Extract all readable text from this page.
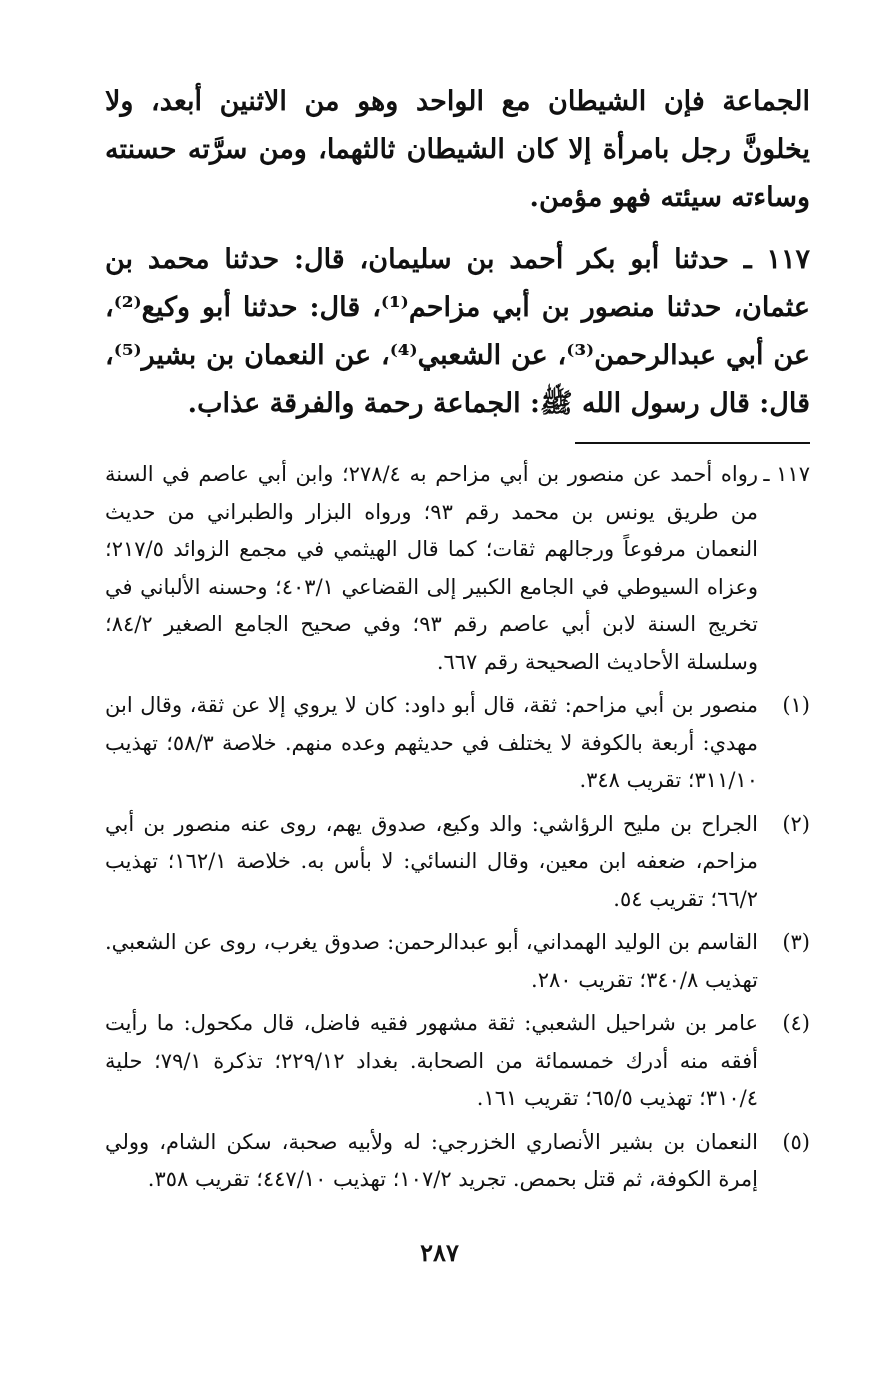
الجماعة فإن الشيطان مع الواحد وهو من الاثنين أبعد، ولا يخلونَّ رجل بامرأة إلا كان الشيطان ثالثهما، ومن سرَّته حسنته وساءته سيئته فهو مؤمن.

١١٧ ـ حدثنا أبو بكر أحمد بن سليمان، قال: حدثنا محمد بن عثمان، حدثنا منصور بن أبي مزاحم⁽¹⁾، قال: حدثنا أبو وكيع⁽²⁾، عن أبي عبدالرحمن⁽³⁾، عن الشعبي⁽⁴⁾، عن النعمان بن بشير⁽⁵⁾، قال: قال رسول الله ﷺ: الجماعة رحمة والفرقة عذاب.

١١٧ ـ
رواه أحمد عن منصور بن أبي مزاحم به ٢٧٨/٤؛ وابن أبي عاصم في السنة من طريق يونس بن محمد رقم ٩٣؛ ورواه البزار والطبراني من حديث النعمان مرفوعاً ورجالهم ثقات؛ كما قال الهيثمي في مجمع الزوائد ٢١٧/٥؛ وعزاه السيوطي في الجامع الكبير إلى القضاعي ٤٠٣/١؛ وحسنه الألباني في تخريج السنة لابن أبي عاصم رقم ٩٣؛ وفي صحيح الجامع الصغير ٨٤/٢؛ وسلسلة الأحاديث الصحيحة رقم ٦٦٧.
(١)
منصور بن أبي مزاحم: ثقة، قال أبو داود: كان لا يروي إلا عن ثقة، وقال ابن مهدي: أربعة بالكوفة لا يختلف في حديثهم وعده منهم. خلاصة ٥٨/٣؛ تهذيب ٣١١/١٠؛ تقريب ٣٤٨.
(٢)
الجراح بن مليح الرؤاشي: والد وكيع، صدوق يهم، روى عنه منصور بن أبي مزاحم، ضعفه ابن معين، وقال النسائي: لا بأس به. خلاصة ١٦٢/١؛ تهذيب ٦٦/٢؛ تقريب ٥٤.
(٣)
القاسم بن الوليد الهمداني، أبو عبدالرحمن: صدوق يغرب، روى عن الشعبي. تهذيب ٣٤٠/٨؛ تقريب ٢٨٠.
(٤)
عامر بن شراحيل الشعبي: ثقة مشهور فقيه فاضل، قال مكحول: ما رأيت أفقه منه أدرك خمسمائة من الصحابة. بغداد ٢٢٩/١٢؛ تذكرة ٧٩/١؛ حلية ٣١٠/٤؛ تهذيب ٦٥/٥؛ تقريب ١٦١.
(٥)
النعمان بن بشير الأنصاري الخزرجي: له ولأبيه صحبة، سكن الشام، وولي إمرة الكوفة، ثم قتل بحمص. تجريد ١٠٧/٢؛ تهذيب ٤٤٧/١٠؛ تقريب ٣٥٨.
٢٨٧
